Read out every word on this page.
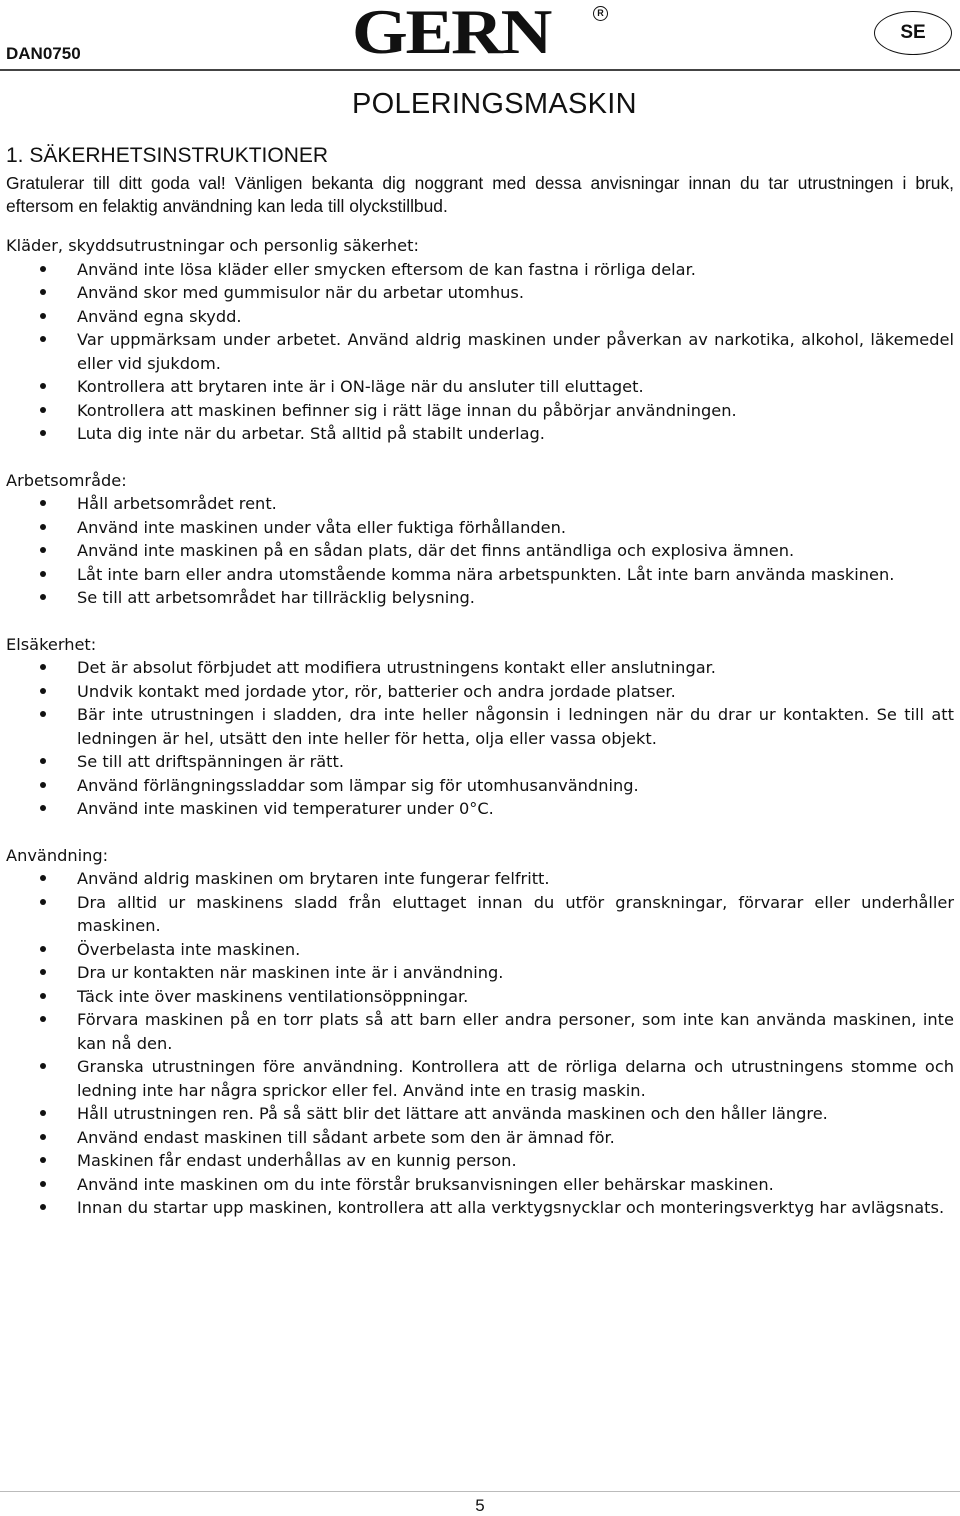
DAN0750	GERN	R
SE
POLERINGSMASKIN
1. SÄKERHETSINSTRUKTIONER

Gratulerar till ditt goda val! Vänligen bekanta dig noggrant med dessa anvisningar innan du tar utrustningen i bruk, eftersom en felaktig användning kan leda till olyckstillbud.

Kläder, skyddsutrustningar och personlig säkerhet:
Använd inte lösa kläder eller smycken eftersom de kan fastna i rörliga delar.
Använd skor med gummisulor när du arbetar utomhus.
Använd egna skydd.
Var uppmärksam under arbetet. Använd aldrig maskinen under påverkan av narkotika, alkohol, läkemedel eller vid sjukdom.
Kontrollera att brytaren inte är i ON-läge när du ansluter till eluttaget.
Kontrollera att maskinen befinner sig i rätt läge innan du påbörjar användningen.
Luta dig inte när du arbetar. Stå alltid på stabilt underlag.
Arbetsområde:
Håll arbetsområdet rent.
Använd inte maskinen under våta eller fuktiga förhållanden.
Använd inte maskinen på en sådan plats, där det finns antändliga och explosiva ämnen.
Låt inte barn eller andra utomstående komma nära arbetspunkten. Låt inte barn använda maskinen.
Se till att arbetsområdet har tillräcklig belysning.
Elsäkerhet:
Det är absolut förbjudet att modifiera utrustningens kontakt eller anslutningar.
Undvik kontakt med jordade ytor, rör, batterier och andra jordade platser.
Bär inte utrustningen i sladden, dra inte heller någonsin i ledningen när du drar ur kontakten. Se till att ledningen är hel, utsätt den inte heller för hetta, olja eller vassa objekt.
Se till att driftspänningen är rätt.
Använd förlängningssladdar som lämpar sig för utomhusanvändning.
Använd inte maskinen vid temperaturer under 0°C.
Användning:
Använd aldrig maskinen om brytaren inte fungerar felfritt.
Dra alltid ur maskinens sladd från eluttaget innan du utför granskningar, förvarar eller underhåller maskinen.
Överbelasta inte maskinen.
Dra ur kontakten när maskinen inte är i användning.
Täck inte över maskinens ventilationsöppningar.
Förvara maskinen på en torr plats så att barn eller andra personer, som inte kan använda maskinen, inte kan nå den.
Granska utrustningen före användning. Kontrollera att de rörliga delarna och utrustningens stomme och ledning inte har några sprickor eller fel. Använd inte en trasig maskin.
Håll utrustningen ren. På så sätt blir det lättare att använda maskinen och den håller längre.
Använd endast maskinen till sådant arbete som den är ämnad för.
Maskinen får endast underhållas av en kunnig person.
Använd inte maskinen om du inte förstår bruksanvisningen eller behärskar maskinen.
Innan du startar upp maskinen, kontrollera att alla verktygsnycklar och monteringsverktyg har avlägsnats.
5
